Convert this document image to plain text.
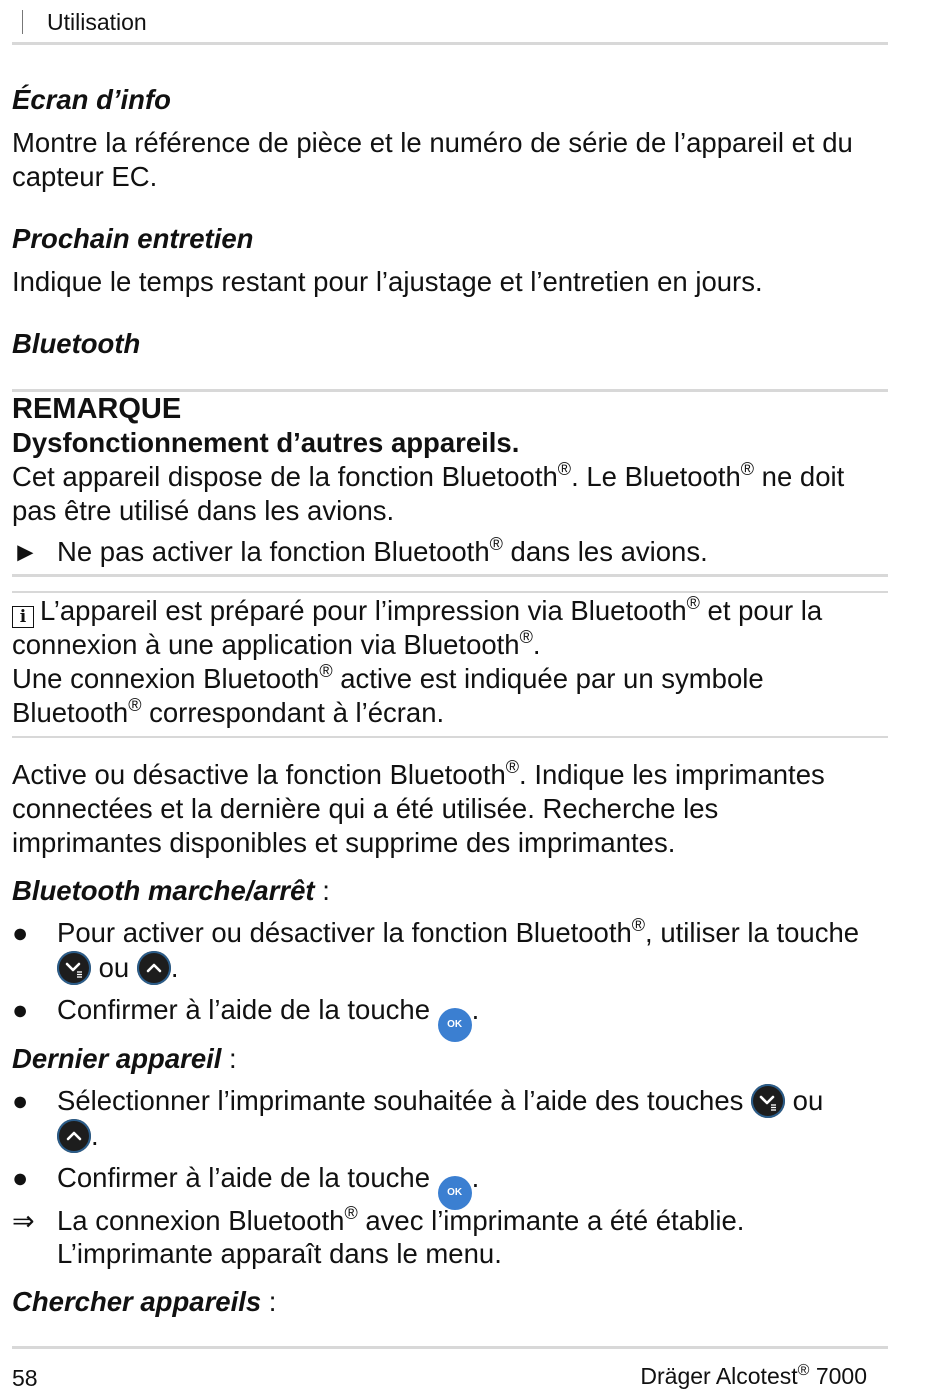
Utilisation
Écran d’info
Montre la référence de pièce et le numéro de série de l’appareil et du
capteur EC.
Prochain entretien
Indique le temps restant pour l’ajustage et l’entretien en jours.
Bluetooth
REMARQUE
Dysfonctionnement d’autres appareils.
Cet appareil dispose de la fonction Bluetooth®. Le Bluetooth® ne doit
pas être utilisé dans les avions.
► Ne pas activer la fonction Bluetooth® dans les avions.
i L’appareil est préparé pour l’impression via Bluetooth® et pour la
connexion à une application via Bluetooth®.
Une connexion Bluetooth® active est indiquée par un symbole
Bluetooth® correspondant à l’écran.
Active ou désactive la fonction Bluetooth®. Indique les imprimantes
connectées et la dernière qui a été utilisée. Recherche les
imprimantes disponibles et supprime des imprimantes.
Bluetooth marche/arrêt :
● Pour activer ou désactiver la fonction Bluetooth®, utiliser la touche
ou
.
● Confirmer à l’aide de la touche OK .
Dernier appareil :
● Sélectionner l’imprimante souhaitée à l’aide des touches
ou
.
● Confirmer à l’aide de la touche OK .
⇒ La connexion Bluetooth® avec l’imprimante a été établie.
L’imprimante apparaît dans le menu.
Chercher appareils :
58	Dräger Alcotest® 7000
